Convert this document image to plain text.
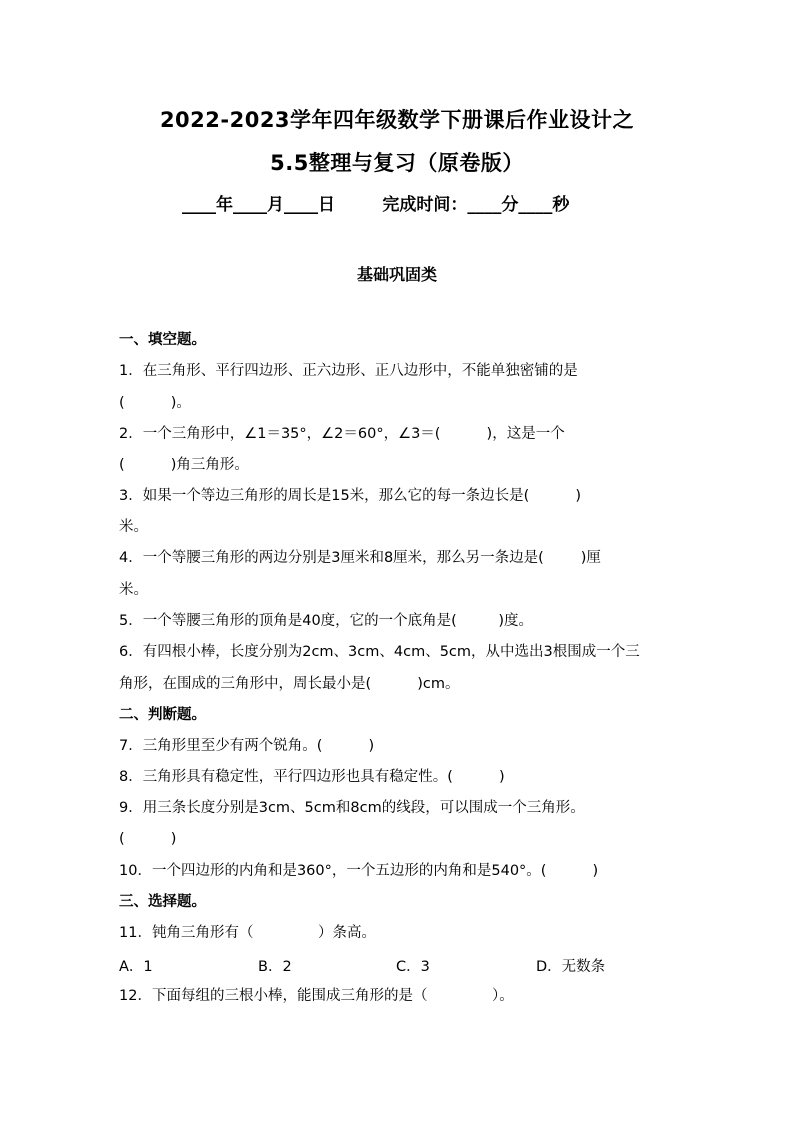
2022-2023学年四年级数学下册课后作业设计之
5.5整理与复习（原卷版）
____年____月____日        完成时间：____分____秒
基础巩固类
一、填空题。
1．在三角形、平行四边形、正六边形、正八边形中，不能单独密铺的是
(          )。
2．一个三角形中，∠1＝35°，∠2＝60°，∠3＝(          )，这是一个
(          )角三角形。
3．如果一个等边三角形的周长是15米，那么它的每一条边长是(          )
米。
4．一个等腰三角形的两边分别是3厘米和8厘米，那么另一条边是(        )厘
米。
5．一个等腰三角形的顶角是40度，它的一个底角是(         )度。
6．有四根小棒，长度分别为2cm、3cm、4cm、5cm，从中选出3根围成一个三
角形，在围成的三角形中，周长最小是(          )cm。
二、判断题。
7．三角形里至少有两个锐角。(          )
8．三角形具有稳定性，平行四边形也具有稳定性。(          )
9．用三条长度分别是3cm、5cm和8cm的线段，可以围成一个三角形。
(          )
10．一个四边形的内角和是360°，一个五边形的内角和是540°。(          )
三、选择题。
11．钝角三角形有（              ）条高。
A．1	B．2	C．3	D．无数条
12．下面每组的三根小棒，能围成三角形的是（              ）。
